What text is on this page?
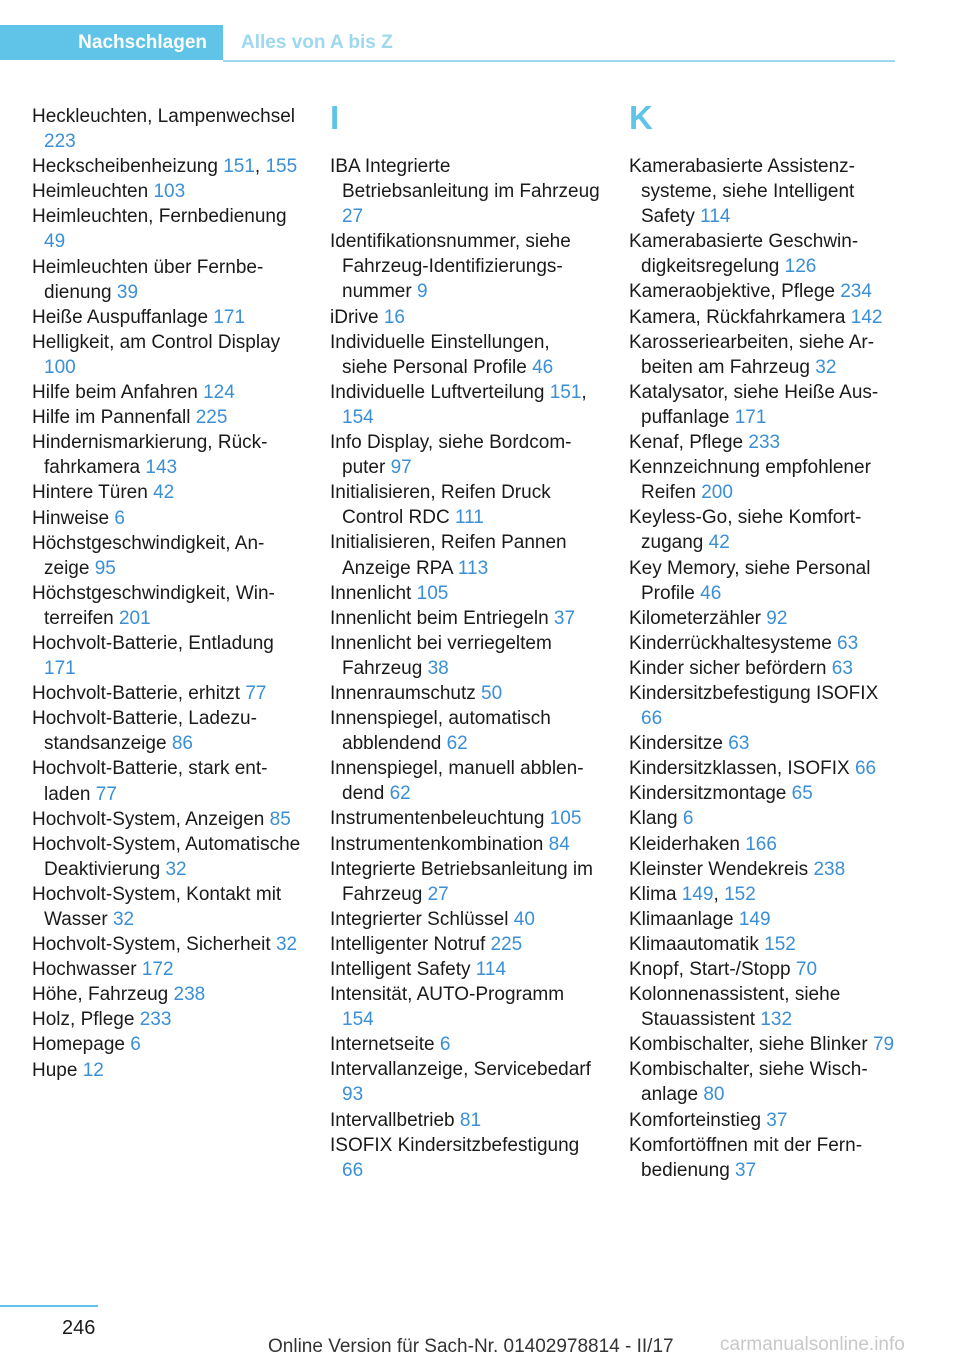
Nachschlagen	Alles von A bis Z
Heckleuchten, Lampenwechsel 223
Heckscheibenheizung 151, 155
Heimleuchten 103
Heimleuchten, Fernbedienung 49
Heimleuchten über Fernbedienung 39
Heiße Auspuffanlage 171
Helligkeit, am Control Display 100
Hilfe beim Anfahren 124
Hilfe im Pannenfall 225
Hindernismarkierung, Rückfahrkamera 143
Hintere Türen 42
Hinweise 6
Höchstgeschwindigkeit, Anzeige 95
Höchstgeschwindigkeit, Winterreifen 201
Hochvolt-Batterie, Entladung 171
Hochvolt-Batterie, erhitzt 77
Hochvolt-Batterie, Ladezustandsanzeige 86
Hochvolt-Batterie, stark entladen 77
Hochvolt-System, Anzeigen 85
Hochvolt-System, Automatische Deaktivierung 32
Hochvolt-System, Kontakt mit Wasser 32
Hochvolt-System, Sicherheit 32
Hochwasser 172
Höhe, Fahrzeug 238
Holz, Pflege 233
Homepage 6
Hupe 12
I
IBA Integrierte Betriebsanleitung im Fahrzeug 27
Identifikationsnummer, siehe Fahrzeug-Identifizierungsnummer 9
iDrive 16
Individuelle Einstellungen, siehe Personal Profile 46
Individuelle Luftverteilung 151, 154
Info Display, siehe Bordcomputer 97
Initialisieren, Reifen Druck Control RDC 111
Initialisieren, Reifen Pannen Anzeige RPA 113
Innenlicht 105
Innenlicht beim Entriegeln 37
Innenlicht bei verriegeltem Fahrzeug 38
Innenraumschutz 50
Innenspiegel, automatisch abblendend 62
Innenspiegel, manuell abblendend 62
Instrumentenbeleuchtung 105
Instrumentenkombination 84
Integrierte Betriebsanleitung im Fahrzeug 27
Integrierter Schlüssel 40
Intelligenter Notruf 225
Intelligent Safety 114
Intensität, AUTO-Programm 154
Internetseite 6
Intervallanzeige, Servicebedarf 93
Intervallbetrieb 81
ISOFIX Kindersitzbefestigung 66
K
Kamerabasierte Assistenzsysteme, siehe Intelligent Safety 114
Kamerabasierte Geschwindigkeitsregelung 126
Kameraobjektive, Pflege 234
Kamera, Rückfahrkamera 142
Karosseriearbeiten, siehe Arbeiten am Fahrzeug 32
Katalysator, siehe Heiße Auspuffanlage 171
Kenaf, Pflege 233
Kennzeichnung empfohlener Reifen 200
Keyless-Go, siehe Komfortzugang 42
Key Memory, siehe Personal Profile 46
Kilometerzähler 92
Kinderrückhaltesysteme 63
Kinder sicher befördern 63
Kindersitzbefestigung ISOFIX 66
Kindersitze 63
Kindersitzklassen, ISOFIX 66
Kindersitzmontage 65
Klang 6
Kleiderhaken 166
Kleinster Wendekreis 238
Klima 149, 152
Klimaanlage 149
Klimaautomatik 152
Knopf, Start-/Stopp 70
Kolonnenassistent, siehe Stauassistent 132
Kombischalter, siehe Blinker 79
Kombischalter, siehe Wischanlage 80
Komforteinstieg 37
Komfortöffnen mit der Fernbedienung 37
246
Online Version für Sach-Nr. 01402978814 - II/17 carmanualsonline.info
